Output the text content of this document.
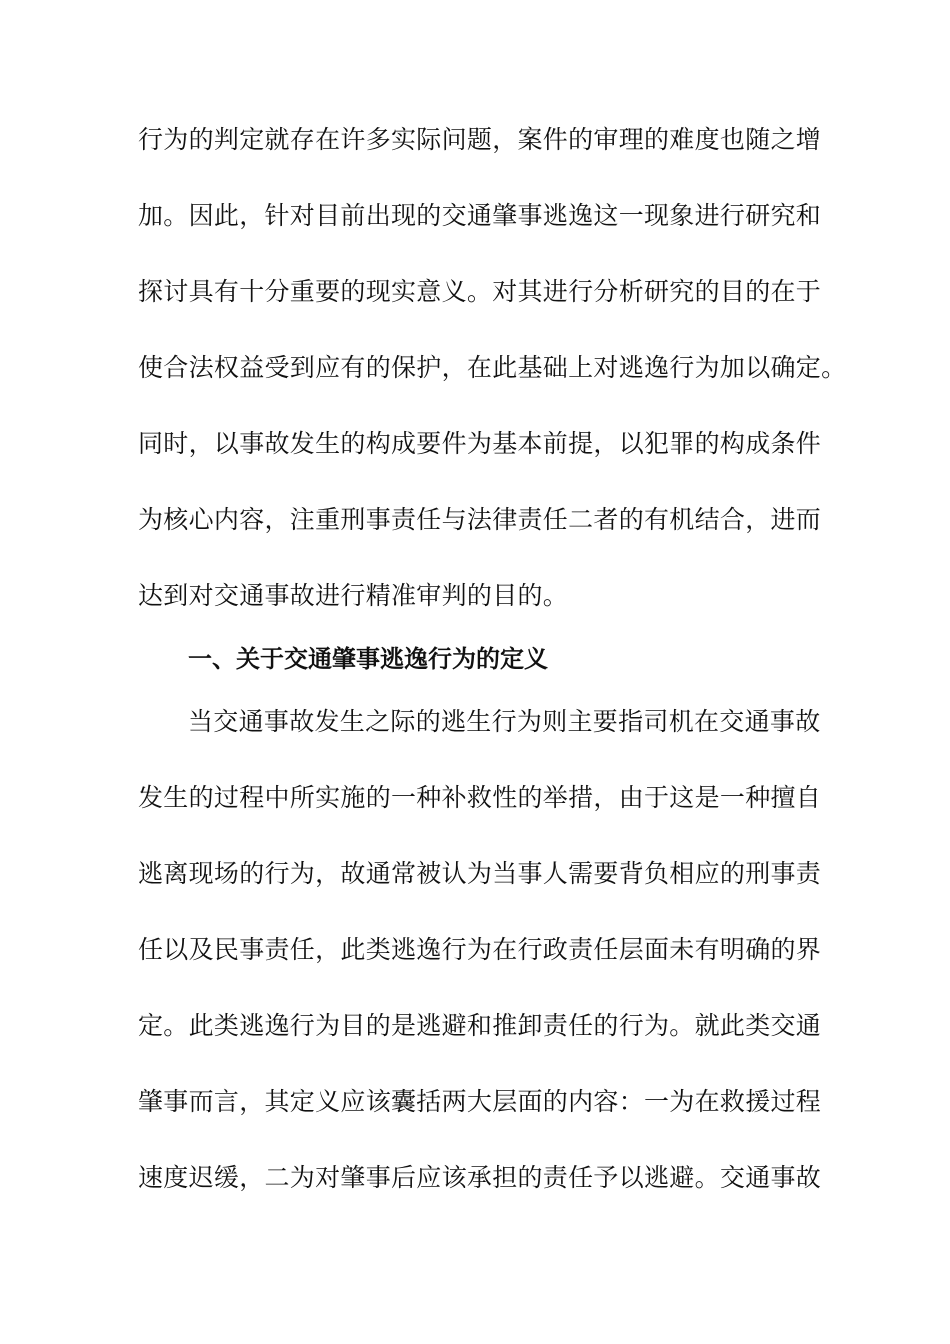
行为的判定就存在许多实际问题，案件的审理的难度也随之增
加。因此，针对目前出现的交通肇事逃逸这一现象进行研究和
探讨具有十分重要的现实意义。对其进行分析研究的目的在于
使合法权益受到应有的保护，在此基础上对逃逸行为加以确定。
同时，以事故发生的构成要件为基本前提，以犯罪的构成条件
为核心内容，注重刑事责任与法律责任二者的有机结合，进而
达到对交通事故进行精准审判的目的。
一、关于交通肇事逃逸行为的定义
当交通事故发生之际的逃生行为则主要指司机在交通事故
发生的过程中所实施的一种补救性的举措，由于这是一种擅自
逃离现场的行为，故通常被认为当事人需要背负相应的刑事责
任以及民事责任，此类逃逸行为在行政责任层面未有明确的界
定。此类逃逸行为目的是逃避和推卸责任的行为。就此类交通
肇事而言，其定义应该囊括两大层面的内容：一为在救援过程
速度迟缓，二为对肇事后应该承担的责任予以逃避。交通事故
